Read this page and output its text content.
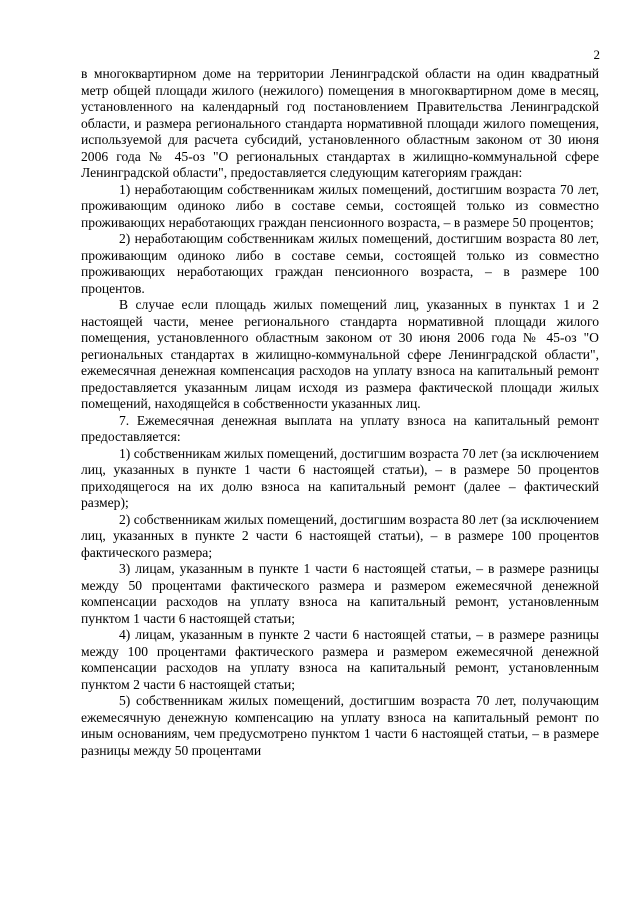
2

в многоквартирном доме на территории Ленинградской области на один квадратный метр общей площади жилого (нежилого) помещения в многоквартирном доме в месяц, установленного на календарный год постановлением Правительства Ленинградской области, и размера регионального стандарта нормативной площади жилого помещения, используемой для расчета субсидий, установленного областным законом от 30 июня 2006 года № 45-оз "О региональных стандартах в жилищно-коммунальной сфере Ленинградской области", предоставляется следующим категориям граждан:

1) неработающим собственникам жилых помещений, достигшим возраста 70 лет, проживающим одиноко либо в составе семьи, состоящей только из совместно проживающих неработающих граждан пенсионного возраста, – в размере 50 процентов;

2) неработающим собственникам жилых помещений, достигшим возраста 80 лет, проживающим одиноко либо в составе семьи, состоящей только из совместно проживающих неработающих граждан пенсионного возраста, – в размере 100 процентов.

В случае если площадь жилых помещений лиц, указанных в пунктах 1 и 2 настоящей части, менее регионального стандарта нормативной площади жилого помещения, установленного областным законом от 30 июня 2006 года № 45-оз "О региональных стандартах в жилищно-коммунальной сфере Ленинградской области", ежемесячная денежная компенсация расходов на уплату взноса на капитальный ремонт предоставляется указанным лицам исходя из размера фактической площади жилых помещений, находящейся в собственности указанных лиц.

7. Ежемесячная денежная выплата на уплату взноса на капитальный ремонт предоставляется:

1) собственникам жилых помещений, достигшим возраста 70 лет (за исключением лиц, указанных в пункте 1 части 6 настоящей статьи), – в размере 50 процентов приходящегося на их долю взноса на капитальный ремонт (далее – фактический размер);

2) собственникам жилых помещений, достигшим возраста 80 лет (за исключением лиц, указанных в пункте 2 части 6 настоящей статьи), – в размере 100 процентов фактического размера;

3) лицам, указанным в пункте 1 части 6 настоящей статьи, – в размере разницы между 50 процентами фактического размера и размером ежемесячной денежной компенсации расходов на уплату взноса на капитальный ремонт, установленным пунктом 1 части 6 настоящей статьи;

4) лицам, указанным в пункте 2 части 6 настоящей статьи, – в размере разницы между 100 процентами фактического размера и размером ежемесячной денежной компенсации расходов на уплату взноса на капитальный ремонт, установленным пунктом 2 части 6 настоящей статьи;

5) собственникам жилых помещений, достигшим возраста 70 лет, получающим ежемесячную денежную компенсацию на уплату взноса на капитальный ремонт по иным основаниям, чем предусмотрено пунктом 1 части 6 настоящей статьи, – в размере разницы между 50 процентами
